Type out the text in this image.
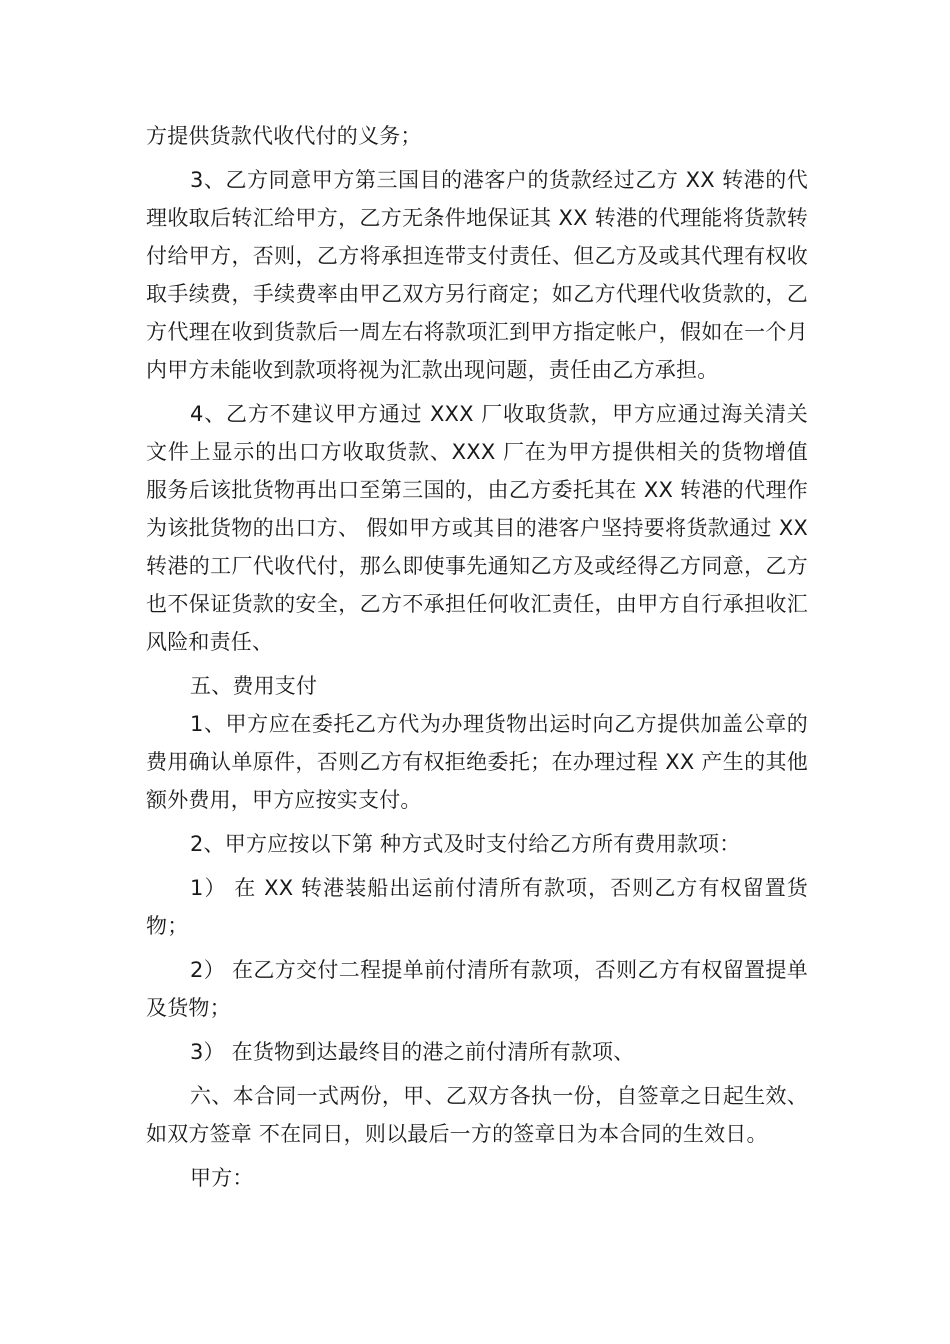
方提供货款代收代付的义务；

3、乙方同意甲方第三国目的港客户的货款经过乙方 XX 转港的代理收取后转汇给甲方，乙方无条件地保证其 XX 转港的代理能将货款转付给甲方，否则，乙方将承担连带支付责任、但乙方及或其代理有权收取手续费，手续费率由甲乙双方另行商定；如乙方代理代收货款的，乙方代理在收到货款后一周左右将款项汇到甲方指定帐户，假如在一个月内甲方未能收到款项将视为汇款出现问题，责任由乙方承担。

4、乙方不建议甲方通过 XXX 厂收取货款，甲方应通过海关清关文件上显示的出口方收取货款、XXX 厂在为甲方提供相关的货物增值服务后该批货物再出口至第三国的，由乙方委托其在 XX 转港的代理作为该批货物的出口方、 假如甲方或其目的港客户坚持要将货款通过 XX 转港的工厂代收代付，那么即使事先通知乙方及或经得乙方同意，乙方也不保证货款的安全，乙方不承担任何收汇责任，由甲方自行承担收汇风险和责任、

五、费用支付

1、甲方应在委托乙方代为办理货物出运时向乙方提供加盖公章的费用确认单原件，否则乙方有权拒绝委托；在办理过程 XX 产生的其他额外费用，甲方应按实支付。

2、甲方应按以下第 种方式及时支付给乙方所有费用款项：

1） 在 XX 转港装船出运前付清所有款项，否则乙方有权留置货物；

2） 在乙方交付二程提单前付清所有款项，否则乙方有权留置提单及货物；

3） 在货物到达最终目的港之前付清所有款项、

六、本合同一式两份，甲、乙双方各执一份，自签章之日起生效、如双方签章 不在同日，则以最后一方的签章日为本合同的生效日。

甲方：
